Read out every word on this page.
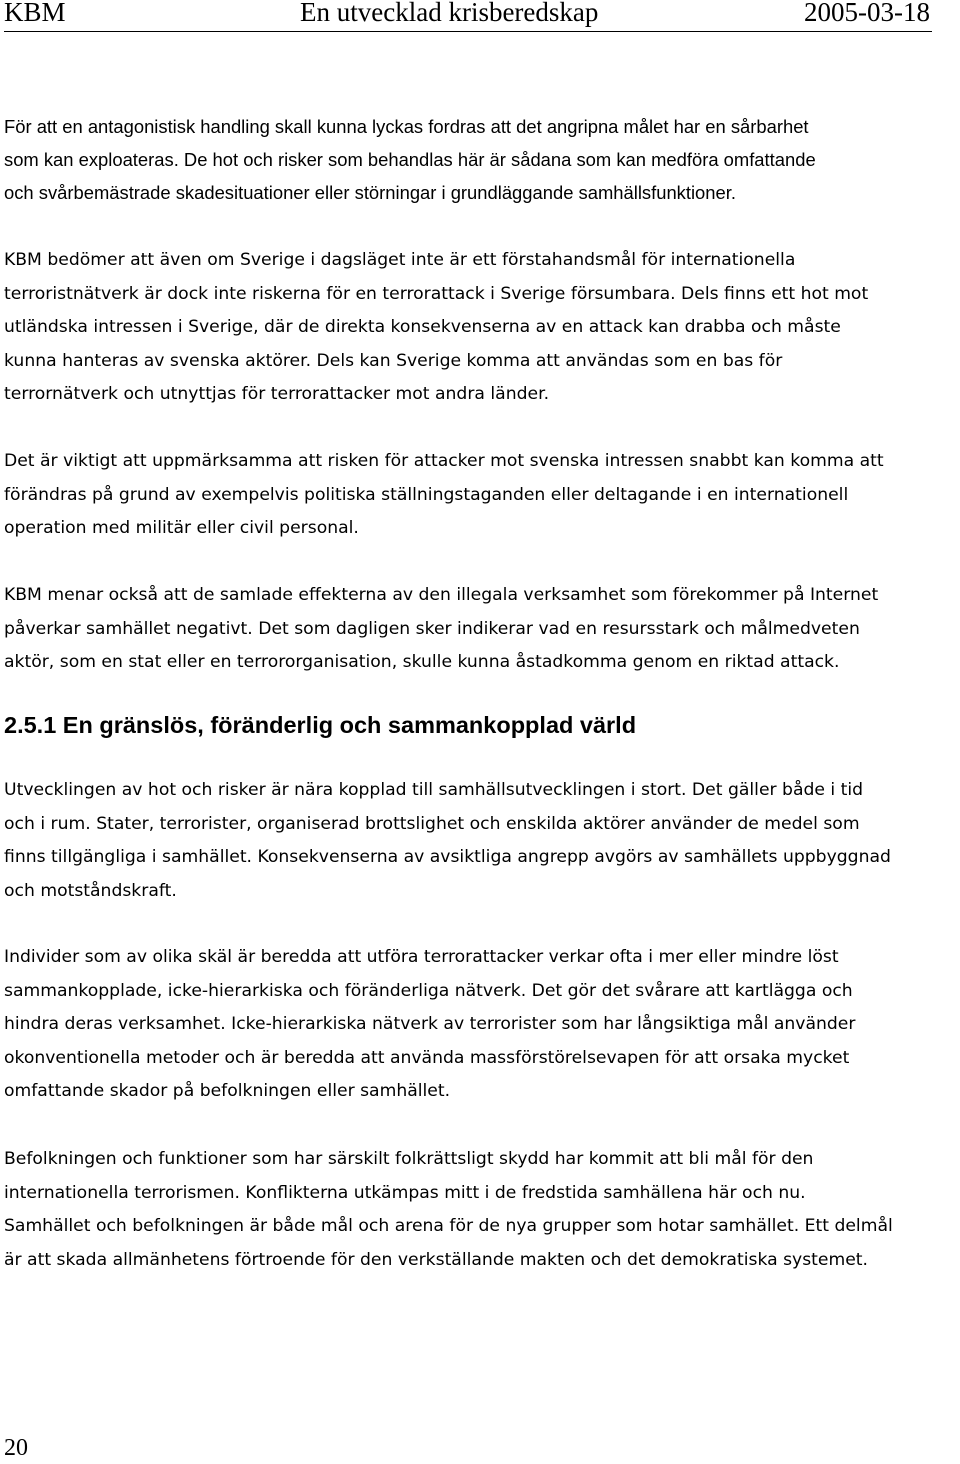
KBM	En utvecklad krisberedskap	2005-03-18

För att en antagonistisk handling skall kunna lyckas fordras att det angripna målet har en sårbarhet
som kan exploateras. De hot och risker som behandlas här är sådana som kan medföra omfattande
och svårbemästrade skadesituationer eller störningar i grundläggande samhällsfunktioner.

KBM bedömer att även om Sverige i dagsläget inte är ett förstahandsmål för internationella
terroristnätverk är dock inte riskerna för en terrorattack i Sverige försumbara. Dels finns ett hot mot
utländska intressen i Sverige, där de direkta konsekvenserna av en attack kan drabba och måste
kunna hanteras av svenska aktörer. Dels kan Sverige komma att användas som en bas för
terrornätverk och utnyttjas för terrorattacker mot andra länder.

Det är viktigt att uppmärksamma att risken för attacker mot svenska intressen snabbt kan komma att
förändras på grund av exempelvis politiska ställningstaganden eller deltagande i en internationell
operation med militär eller civil personal.

KBM menar också att de samlade effekterna av den illegala verksamhet som förekommer på Internet
påverkar samhället negativt. Det som dagligen sker indikerar vad en resursstark och målmedveten
aktör, som en stat eller en terrororganisation, skulle kunna åstadkomma genom en riktad attack.

2.5.1 En gränslös, föränderlig och sammankopplad värld

Utvecklingen av hot och risker är nära kopplad till samhällsutvecklingen i stort. Det gäller både i tid
och i rum. Stater, terrorister, organiserad brottslighet och enskilda aktörer använder de medel som
finns tillgängliga i samhället. Konsekvenserna av avsiktliga angrepp avgörs av samhällets uppbyggnad
och motståndskraft.

Individer som av olika skäl är beredda att utföra terrorattacker verkar ofta i mer eller mindre löst
sammankopplade, icke-hierarkiska och föränderliga nätverk. Det gör det svårare att kartlägga och
hindra deras verksamhet. Icke-hierarkiska nätverk av terrorister som har långsiktiga mål använder
okonventionella metoder och är beredda att använda massförstörelsevapen för att orsaka mycket
omfattande skador på befolkningen eller samhället.

Befolkningen och funktioner som har särskilt folkrättsligt skydd har kommit att bli mål för den
internationella terrorismen. Konflikterna utkämpas mitt i de fredstida samhällena här och nu.
Samhället och befolkningen är både mål och arena för de nya grupper som hotar samhället. Ett delmål
är att skada allmänhetens förtroende för den verkställande makten och det demokratiska systemet.

20
